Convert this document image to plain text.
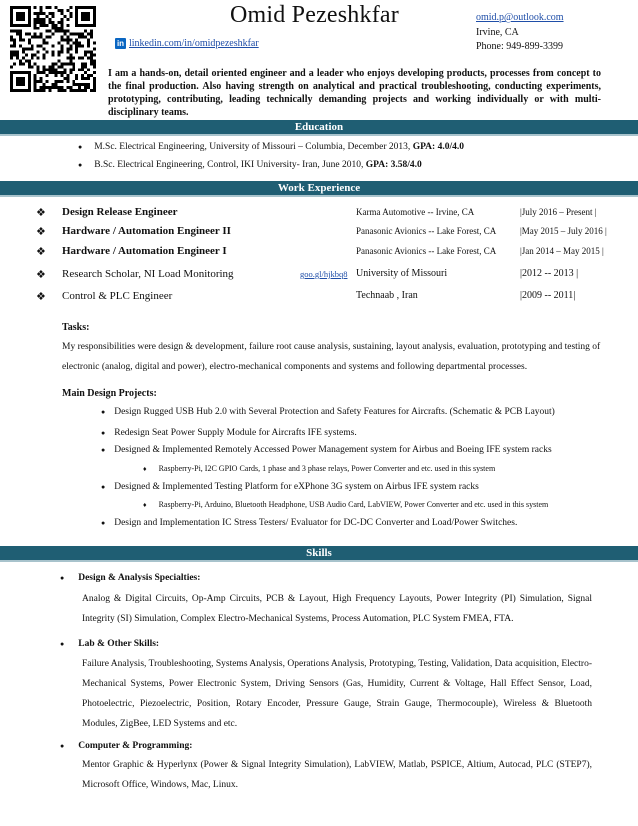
Omid Pezeshkfar
in linkedin.com/in/omidpezeshkfar
omid.p@outlook.com
Irvine, CA
Phone: 949-899-3399
I am a hands-on, detail oriented engineer and a leader who enjoys developing products, processes from concept to the final production. Also having strength on analytical and practical troubleshooting, conducting experiments, prototyping, contributing, leading technically demanding projects and working individually or with multi-disciplinary teams.
Education
● M.Sc. Electrical Engineering, University of Missouri – Columbia, December 2013, GPA: 4.0/4.0
● B.Sc. Electrical Engineering, Control, IKI University- Iran, June 2010, GPA: 3.58/4.0
Work Experience
❖ Design Release Engineer	Karma Automotive -- Irvine, CA	|July 2016 – Present |
❖ Hardware / Automation Engineer II	Panasonic Avionics -- Lake Forest, CA	|May 2015 – July 2016 |
❖ Hardware / Automation Engineer I	Panasonic Avionics -- Lake Forest, CA	|Jan 2014 – May 2015 |
❖ Research Scholar, NI Load Monitoring	goo.gl/hjkbq8 University of Missouri	|2012 -- 2013 |
❖ Control & PLC Engineer	Technaab , Iran	|2009 -- 2011|
Tasks:
My responsibilities were design & development, failure root cause analysis, sustaining, layout analysis, evaluation, prototyping and testing of electronic (analog, digital and power), electro-mechanical components and systems and following departmental processes.
Main Design Projects:
● Design Rugged USB Hub 2.0 with Several Protection and Safety Features for Aircrafts. (Schematic & PCB Layout)
● Redesign Seat Power Supply Module for Aircrafts IFE systems.
● Designed & Implemented Remotely Accessed Power Management system for Airbus and Boeing IFE system racks
♦ Raspberry-Pi, I2C GPIO Cards, 1 phase and 3 phase relays, Power Converter and etc. used in this system
● Designed & Implemented Testing Platform for eXPhone 3G system on Airbus IFE system racks
♦ Raspberry-Pi, Arduino, Bluetooth Headphone, USB Audio Card, LabVIEW, Power Converter and etc. used in this system
● Design and Implementation IC Stress Testers/ Evaluator for DC-DC Converter and Load/Power Switches.
Skills
● Design & Analysis Specialties:
Analog & Digital Circuits, Op-Amp Circuits, PCB & Layout, High Frequency Layouts, Power Integrity (PI) Simulation, Signal Integrity (SI) Simulation, Complex Electro-Mechanical Systems, Process Automation, PLC System FMEA, FTA.
● Lab & Other Skills:
Failure Analysis, Troubleshooting, Systems Analysis, Operations Analysis, Prototyping, Testing, Validation, Data acquisition, Electro-Mechanical Systems, Power Electronic System, Driving Sensors (Gas, Humidity, Current & Voltage, Hall Effect Sensor, Load, Photoelectric, Piezoelectric, Position, Rotary Encoder, Pressure Gauge, Strain Gauge, Thermocouple), Wireless & Bluetooth Modules, ZigBee, LED Systems and etc.
● Computer & Programming:
Mentor Graphic & Hyperlynx (Power & Signal Integrity Simulation), LabVIEW, Matlab, PSPICE, Altium, Autocad, PLC (STEP7), Microsoft Office, Windows, Mac, Linux.
